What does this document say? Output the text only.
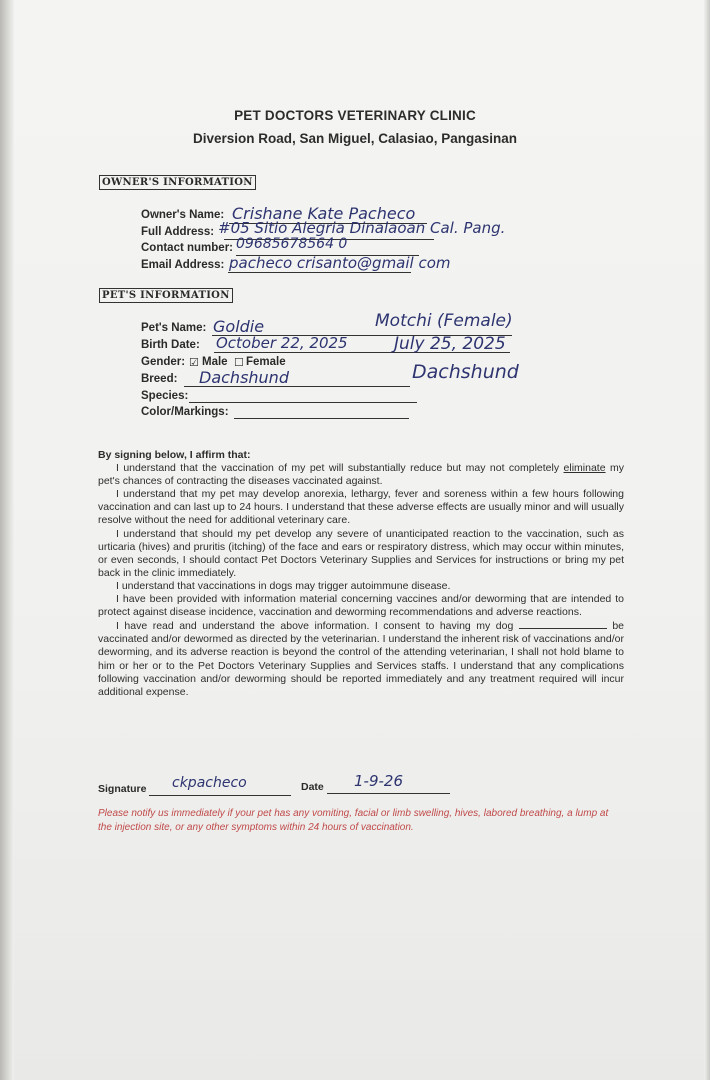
PET DOCTORS VETERINARY CLINIC
Diversion Road, San Miguel, Calasiao, Pangasinan
OWNER'S INFORMATION
Owner's Name: Crishane Kate Pacheco
Full Address: #05 Sitio Alegria Dinalaoan Cal. Pang.
Contact number: 09685678564 0
Email Address: pacheco crisanto@gmail com
PET'S INFORMATION
Pet's Name: Goldie	Motchi (Female)
Birth Date: October 22, 2025	July 25, 2025
Gender: ☑ Male ☐ Female
Breed: Dachshund	Dachshund
Species:
Color/Markings:

By signing below, I affirm that:

I understand that the vaccination of my pet will substantially reduce but may not completely eliminate my pet's chances of contracting the diseases vaccinated against.

I understand that my pet may develop anorexia, lethargy, fever and soreness within a few hours following vaccination and can last up to 24 hours. I understand that these adverse effects are usually minor and will usually resolve without the need for additional veterinary care.

I understand that should my pet develop any severe of unanticipated reaction to the vaccination, such as urticaria (hives) and pruritis (itching) of the face and ears or respiratory distress, which may occur within minutes, or even seconds, I should contact Pet Doctors Veterinary Supplies and Services for instructions or bring my pet back in the clinic immediately.

I understand that vaccinations in dogs may trigger autoimmune disease.

I have been provided with information material concerning vaccines and/or deworming that are intended to protect against disease incidence, vaccination and deworming recommendations and adverse reactions.

I have read and understand the above information. I consent to having my dog	be vaccinated and/or dewormed as directed by the veterinarian. I understand the inherent risk of vaccinations and/or deworming, and its adverse reaction is beyond the control of the attending veterinarian, I shall not hold blame to him or her or to the Pet Doctors Veterinary Supplies and Services staffs. I understand that any complications following vaccination and/or deworming should be reported immediately and any treatment required will incur additional expense.

Signature ckpacheco	Date 1-9-26
Please notify us immediately if your pet has any vomiting, facial or limb swelling, hives, labored breathing, a lump at the injection site, or any other symptoms within 24 hours of vaccination.
